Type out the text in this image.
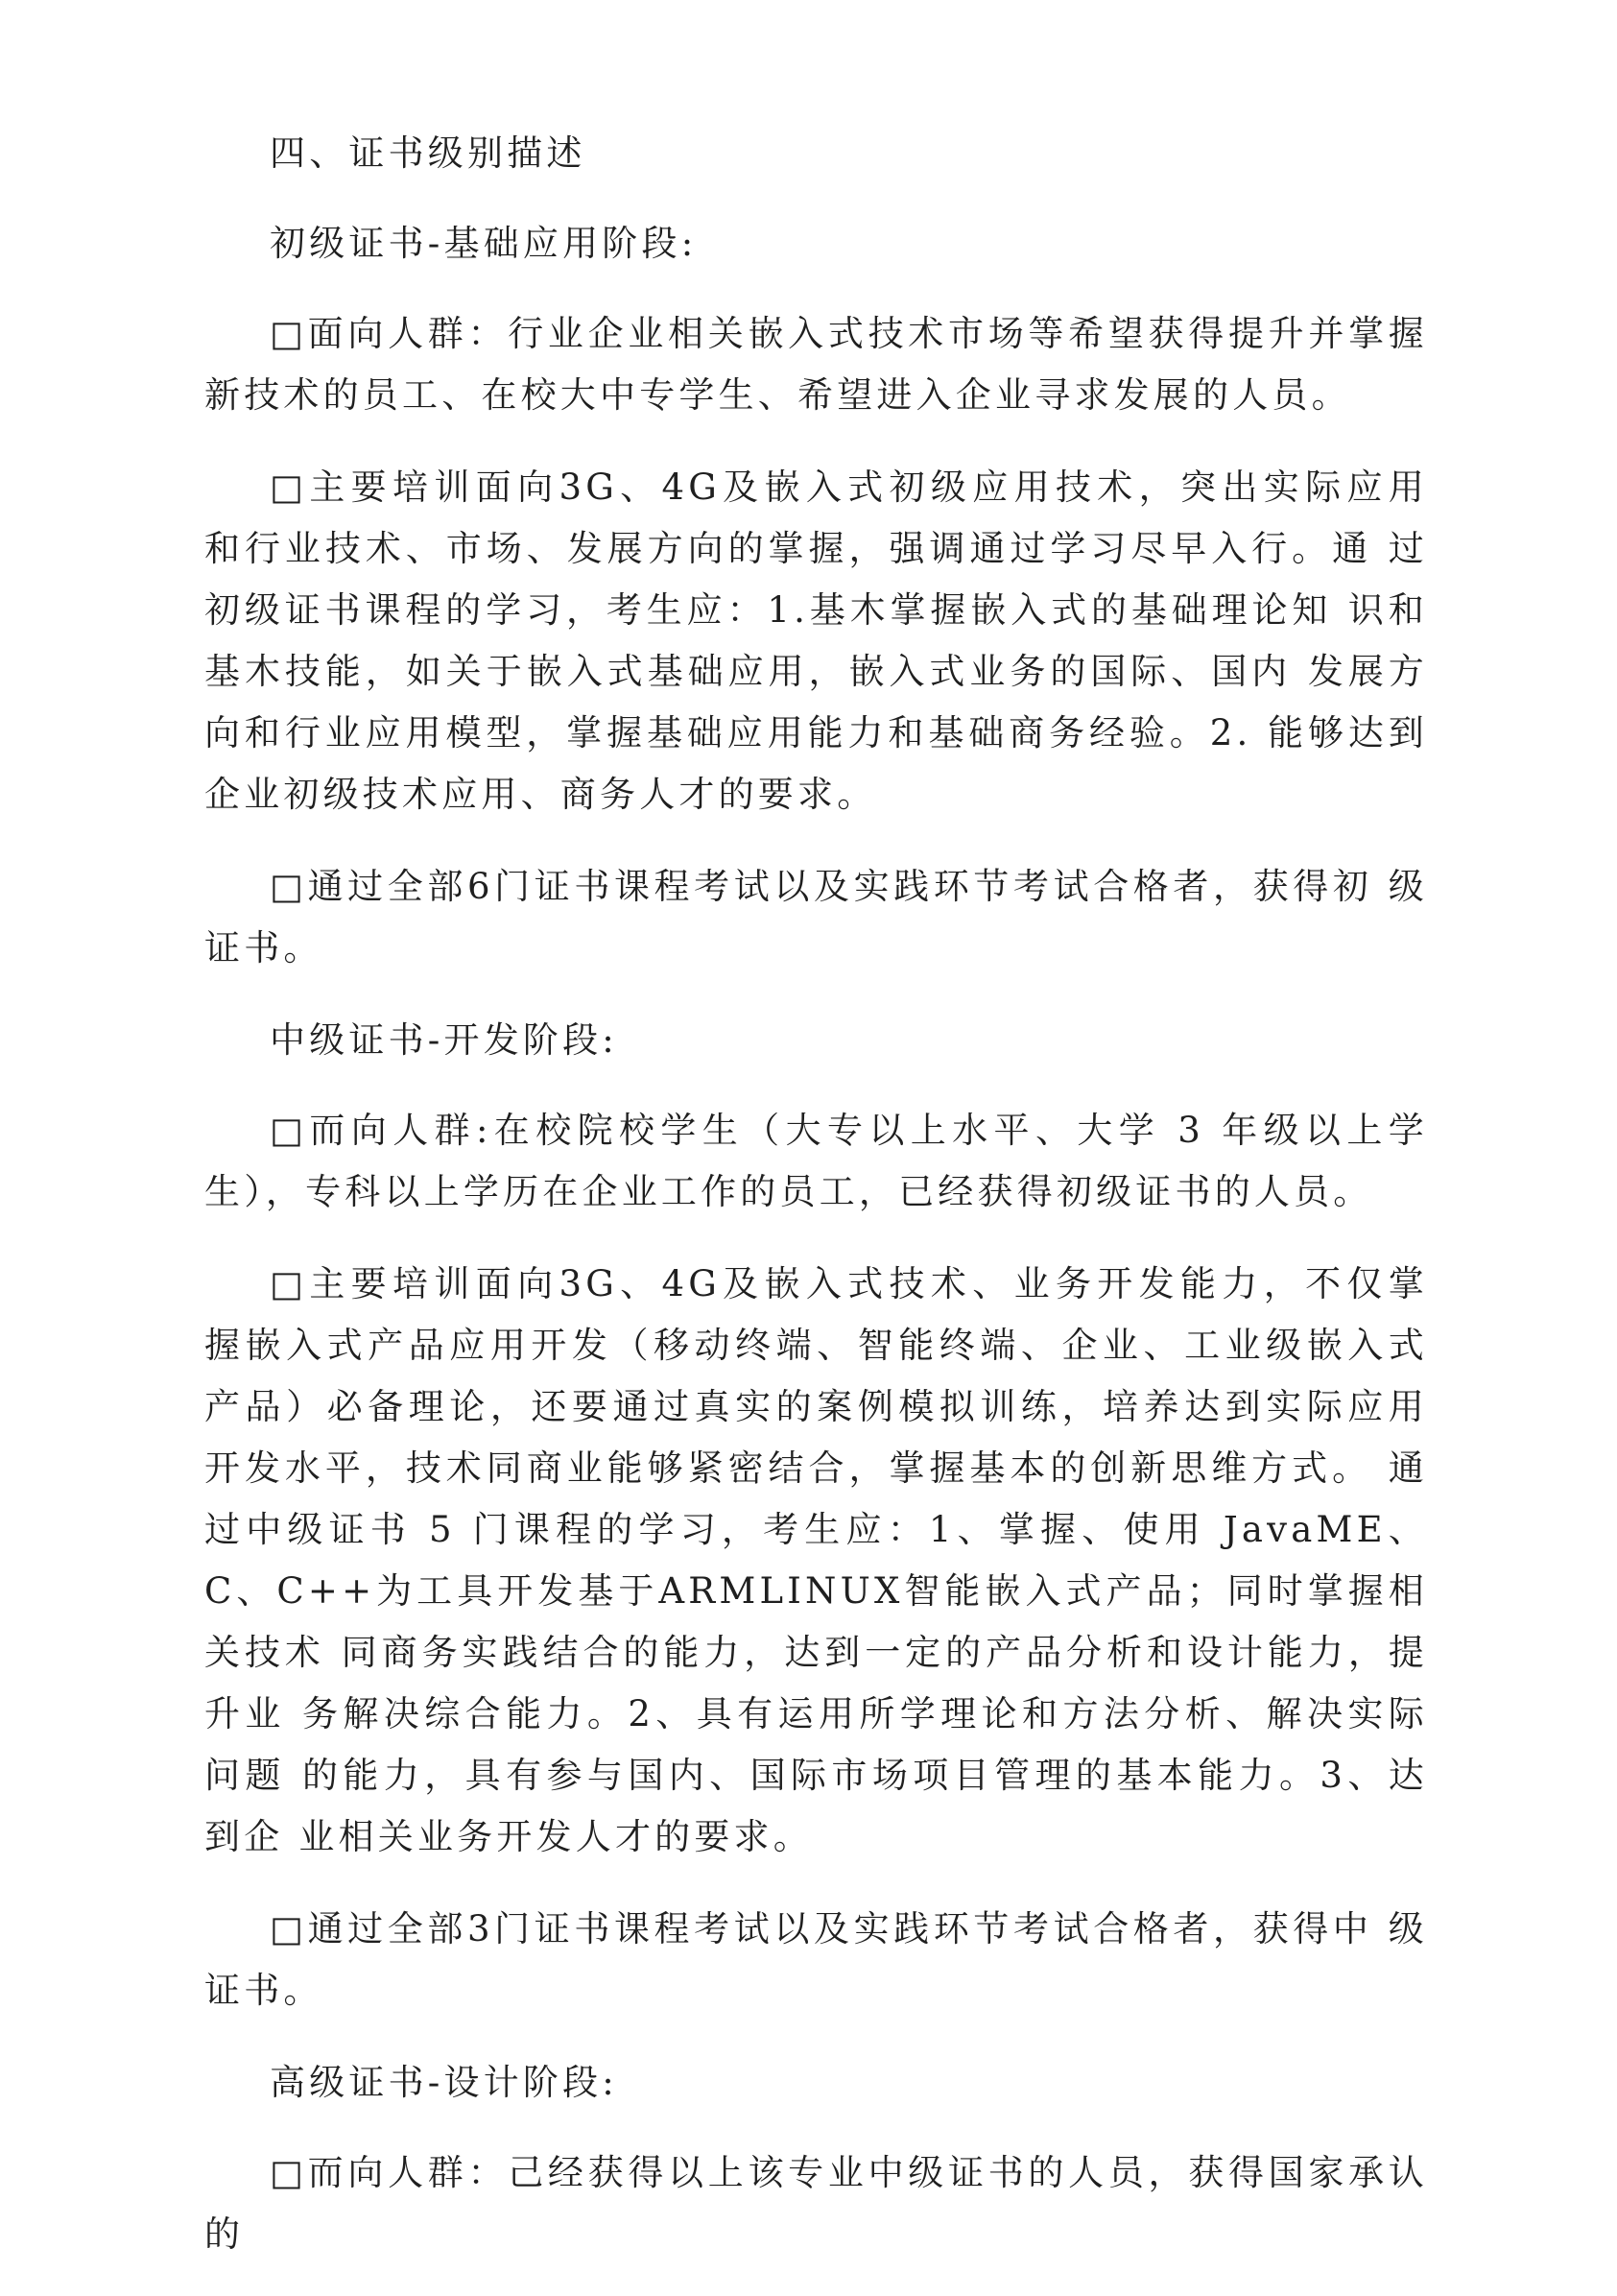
四、证书级别描述

初级证书-基础应用阶段:

□面向人群：行业企业相关嵌入式技术市场等希望获得提升并掌握新技术的员工、在校大中专学生、希望进入企业寻求发展的人员。

□主要培训面向3G、4G及嵌入式初级应用技术，突出实际应用 和行业技术、市场、发展方向的掌握，强调通过学习尽早入行。通 过初级证书课程的学习，考生应：1.基木掌握嵌入式的基础理论知 识和基木技能，如关于嵌入式基础应用，嵌入式业务的国际、国内 发展方向和行业应用模型，掌握基础应用能力和基础商务经验。2. 能够达到企业初级技术应用、商务人才的要求。

□通过全部6门证书课程考试以及实践环节考试合格者，获得初 级证书。

中级证书-开发阶段:

□而向人群:在校院校学生（大专以上水平、大学 3 年级以上学 生），专科以上学历在企业工作的员工，已经获得初级证书的人员。

□主要培训面向3G、4G及嵌入式技术、业务开发能力，不仅掌 握嵌入式产品应用开发（移动终端、智能终端、企业、工业级嵌入式 产品）必备理论，还要通过真实的案例模拟训练，培养达到实际应用 开发水平，技术同商业能够紧密结合，掌握基本的创新思维方式。 通过中级证书 5 门课程的学习，考生应：1、掌握、使用 JavaME、C、C++为工具开发基于ARMLINUX智能嵌入式产品；同时掌握相关技术 同商务实践结合的能力，达到一定的产品分析和设计能力，提升业 务解决综合能力。2、具有运用所学理论和方法分析、解决实际问题 的能力，具有参与国内、国际市场项目管理的基本能力。3、达到企 业相关业务开发人才的要求。

□通过全部3门证书课程考试以及实践环节考试合格者，获得中 级证书。

高级证书-设计阶段:

□而向人群：己经获得以上该专业中级证书的人员，获得国家承认的
